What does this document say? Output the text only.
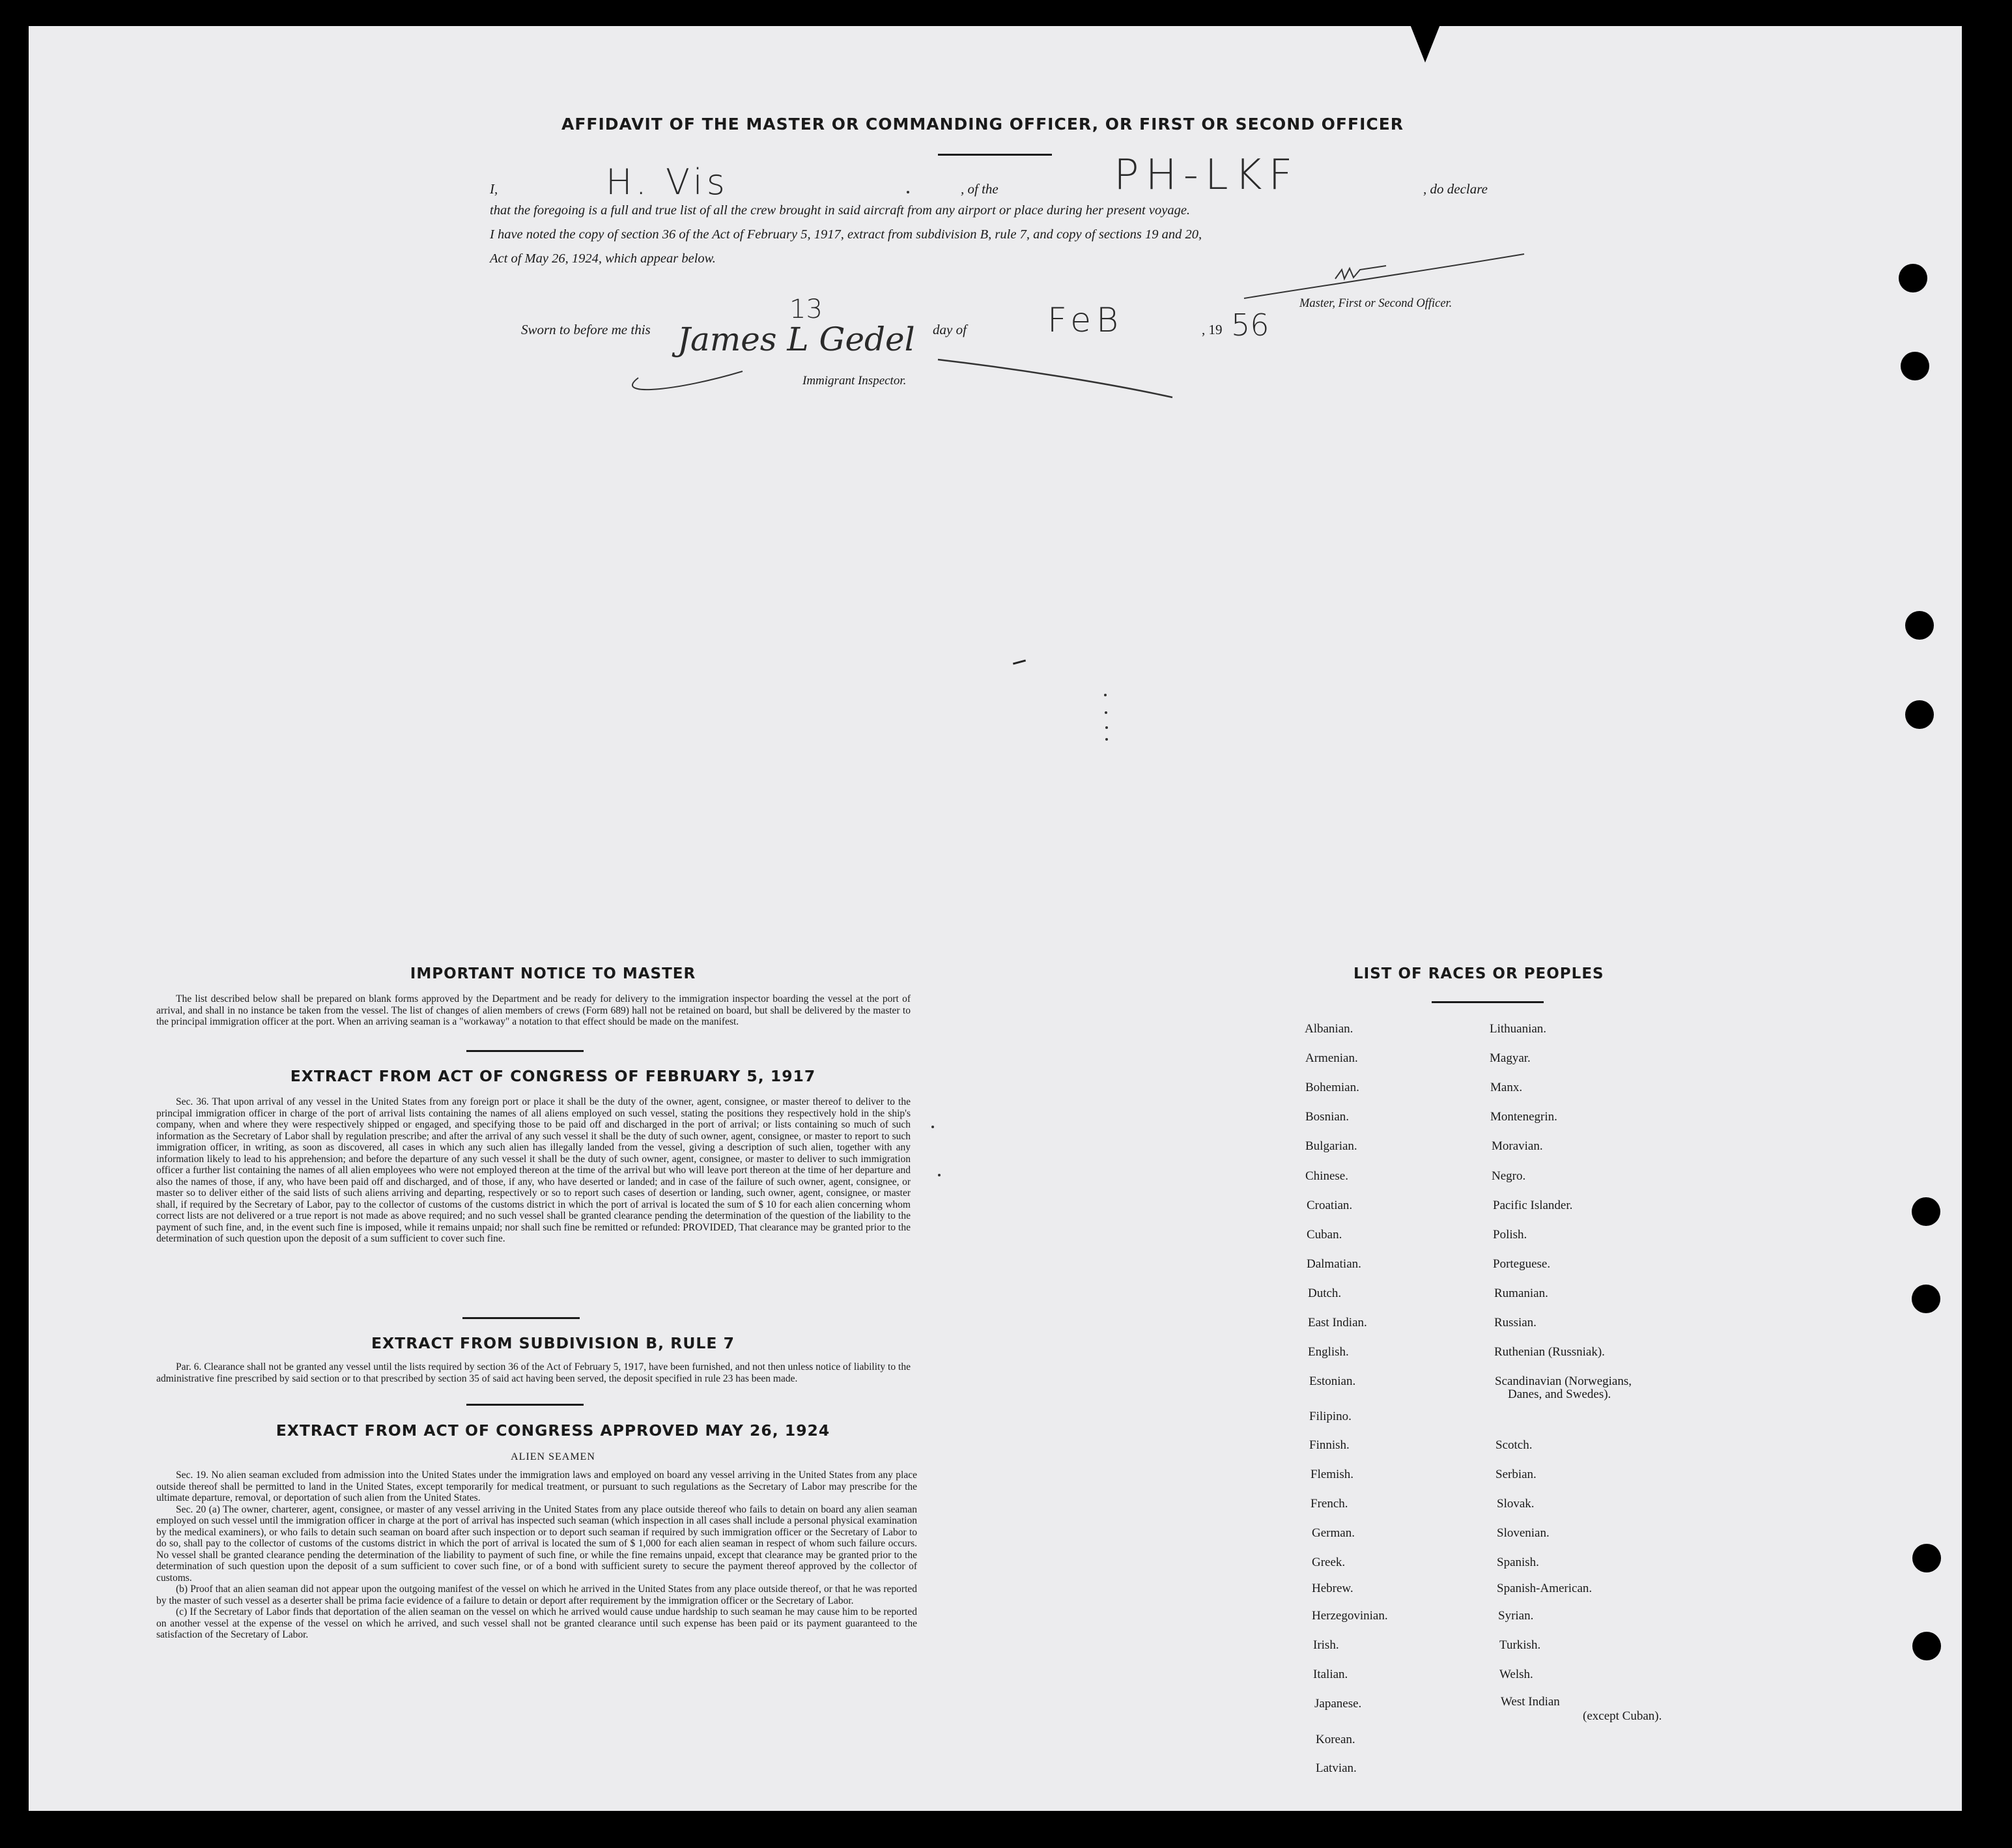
AFFIDAVIT OF THE MASTER OR COMMANDING OFFICER, OR FIRST OR SECOND OFFICER
I,	H. Vis	, of the	PH-LKF	, do declare
that the foregoing is a full and true list of all the crew brought in said aircraft from any airport or place during her present voyage.
I have noted the copy of section 36 of the Act of February 5, 1917, extract from subdivision B, rule 7, and copy of sections 19 and 20,
Act of May 26, 1924, which appear below.
Master, First or Second Officer.
Sworn to before me this
13
day of FeB	, 19 56
James L Gedel
Immigrant Inspector.
IMPORTANT NOTICE TO MASTER

The list described below shall be prepared on blank forms approved by the Department and be ready for delivery to the immigration inspector boarding the vessel at the port of arrival, and shall in no instance be taken from the vessel. The list of changes of alien members of crews (Form 689) hall not be retained on board, but shall be delivered by the master to the principal immigration officer at the port. When an arriving seaman is a "workaway" a notation to that effect should be made on the manifest.

EXTRACT FROM ACT OF CONGRESS OF FEBRUARY 5, 1917

Sec. 36. That upon arrival of any vessel in the United States from any foreign port or place it shall be the duty of the owner, agent, consignee, or master thereof to deliver to the principal immigration officer in charge of the port of arrival lists containing the names of all aliens employed on such vessel, stating the positions they respectively hold in the ship's company, when and where they were respectively shipped or engaged, and specifying those to be paid off and discharged in the port of arrival; or lists containing so much of such information as the Secretary of Labor shall by regulation prescribe; and after the arrival of any such vessel it shall be the duty of such owner, agent, consignee, or master to report to such immigration officer, in writing, as soon as discovered, all cases in which any such alien has illegally landed from the vessel, giving a description of such alien, together with any information likely to lead to his apprehension; and before the departure of any such vessel it shall be the duty of such owner, agent, consignee, or master to deliver to such immigration officer a further list containing the names of all alien employees who were not employed thereon at the time of the arrival but who will leave port thereon at the time of her departure and also the names of those, if any, who have been paid off and discharged, and of those, if any, who have deserted or landed; and in case of the failure of such owner, agent, consignee, or master so to deliver either of the said lists of such aliens arriving and departing, respectively or so to report such cases of desertion or landing, such owner, agent, consignee, or master shall, if required by the Secretary of Labor, pay to the collector of customs of the customs district in which the port of arrival is located the sum of $ 10 for each alien concerning whom correct lists are not delivered or a true report is not made as above required; and no such vessel shall be granted clearance pending the determination of the question of the liability to the payment of such fine, and, in the event such fine is imposed, while it remains unpaid; nor shall such fine be remitted or refunded: PROVIDED, That clearance may be granted prior to the determination of such question upon the deposit of a sum sufficient to cover such fine.

EXTRACT FROM SUBDIVISION B, RULE 7

Par. 6. Clearance shall not be granted any vessel until the lists required by section 36 of the Act of February 5, 1917, have been furnished, and not then unless notice of liability to the administrative fine prescribed by said section or to that prescribed by section 35 of said act having been served, the deposit specified in rule 23 has been made.

EXTRACT FROM ACT OF CONGRESS APPROVED MAY 26, 1924
ALIEN SEAMEN

Sec. 19. No alien seaman excluded from admission into the United States under the immigration laws and employed on board any vessel arriving in the United States from any place outside thereof shall be permitted to land in the United States, except temporarily for medical treatment, or pursuant to such regulations as the Secretary of Labor may prescribe for the ultimate departure, removal, or deportation of such alien from the United States.

Sec. 20 (a) The owner, charterer, agent, consignee, or master of any vessel arriving in the United States from any place outside thereof who fails to detain on board any alien seaman employed on such vessel until the immigration officer in charge at the port of arrival has inspected such seaman (which inspection in all cases shall include a personal physical examination by the medical examiners), or who fails to detain such seaman on board after such inspection or to deport such seaman if required by such immigration officer or the Secretary of Labor to do so, shall pay to the collector of customs of the customs district in which the port of arrival is located the sum of $ 1,000 for each alien seaman in respect of whom such failure occurs. No vessel shall be granted clearance pending the determination of the liability to payment of such fine, or while the fine remains unpaid, except that clearance may be granted prior to the determination of such question upon the deposit of a sum sufficient to cover such fine, or of a bond with sufficient surety to secure the payment thereof approved by the collector of customs.

(b) Proof that an alien seaman did not appear upon the outgoing manifest of the vessel on which he arrived in the United States from any place outside thereof, or that he was reported by the master of such vessel as a deserter shall be prima facie evidence of a failure to detain or deport after requirement by the immigration officer or the Secretary of Labor.

(c) If the Secretary of Labor finds that deportation of the alien seaman on the vessel on which he arrived would cause undue hardship to such seaman he may cause him to be reported on another vessel at the expense of the vessel on which he arrived, and such vessel shall not be granted clearance until such expense has been paid or its payment guaranteed to the satisfaction of the Secretary of Labor.

LIST OF RACES OR PEOPLES
Albanian.
Armenian.
Bohemian.
Bosnian.
Bulgarian.
Chinese.
Croatian.
Cuban.
Dalmatian.
Dutch.
East Indian.
English.
Estonian.
Filipino.
Finnish.
Flemish.
French.
German.
Greek.
Hebrew.
Herzegovinian.
Irish.
Italian.
Japanese.
Korean.
Latvian.
Lithuanian.
Magyar.
Manx.
Montenegrin.
Moravian.
Negro.
Pacific Islander.
Polish.
Porteguese.
Rumanian.
Russian.
Ruthenian (Russniak).
Scandinavian (Norwegians,
Danes, and Swedes).
Scotch.
Serbian.
Slovak.
Slovenian.
Spanish.
Spanish-American.
Syrian.
Turkish.
Welsh.
West Indian
(except Cuban).
